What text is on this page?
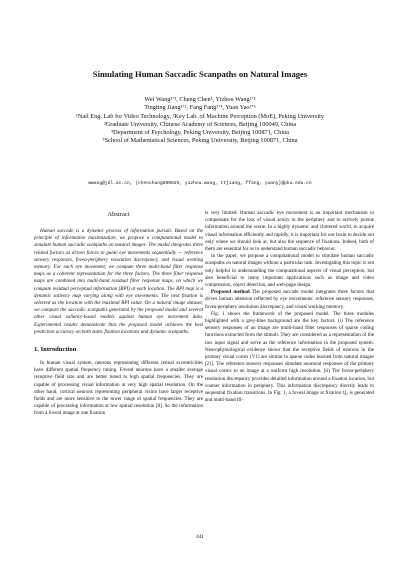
Simulating Human Saccadic Scanpaths on Natural Images
Wei Wang¹ʼ³, Cheng Chen¹, Yizhou Wang¹ʼ²
Tingting Jiang¹ʼ², Fang Fang²ʼ⁴, Yuan Yao²ʼ⁵
¹Natl Eng. Lab for Video Technology, ²Key Lab. of Machine Perception (MoE), Peking University
³Graduate University, Chinese Academy of Sciences, Beijing 100049, China
⁴Department of Psychology, Peking University, Beijing 100871, China
⁵School of Mathematical Sciences, Peking University, Beijing 100871, China
wwang@jdl.ac.cn, {chenchang880829, yizhou.wang, ttjiang, ffang, yuany}@pku.edu.cn
Abstract

Human saccade is a dynamic process of information pursuit. Based on the principle of information maximization, we propose a computational model to simulate human saccadic scanpaths on natural images. The model integrates three related factors as driven forces to guide eye movements sequentially — reference sensory responses, fovea-periphery resolution discrepancy, and visual working memory. For each eye movement, we compute three multi-band filter response maps as a coherent representation for the three factors. The three filter response maps are combined into multi-band residual filter response maps, on which we compute residual perceptual information (RPI) at each location. The RPI map is a dynamic saliency map varying along with eye movements. The next fixation is selected as the location with the maximal RPI value. On a natural image dataset, we compare the saccadic scanpaths generated by the proposed model and several other visual saliency-based models against human eye movement data. Experimental results demonstrate that the proposed model achieves the best prediction accuracy on both static fixation locations and dynamic scanpaths.

1. Introduction

In human visual system, neurons representing different retinal eccentricities have different spatial frequency tuning. Foveal neurons have a smaller average receptive field size and are better tuned to high spatial frequencies. They are capable of processing visual information at very high spatial resolution. On the other hand, cortical neurons representing peripheral vision have larger receptive fields and are more sensitive to the lower range of spatial frequencies. They are capable of processing information at low spatial resolution [8]. So the information from a foveal image at one fixation

is very limited. Human saccadic eye movement is an important mechanism to compensate for the loss of visual acuity in the periphery and to actively pursue information around the scene. In a highly dynamic and cluttered world, to acquire visual information efficiently and rapidly, it is important for our brain to decide not only where we should look at, but also the sequence of fixations. Indeed, both of them are essential for us to understand human saccadic behavior.

In the paper, we propose a computational model to simulate human saccadic scanpaths on natural images without a particular task. Investigating this topic is not only helpful in understanding the computational aspects of visual perception, but also beneficial to many important applications such as image and video compression, object detection, and web-page design.

Proposed method The proposed saccade model integrates three factors that drives human attention reflected by eye movements: reference sensory responses, fovea-periphery resolution discrepancy, and visual working memory.

Fig. 1 shows the framework of the proposed model. The three modules highlighted with a grey-blue background are the key factors. (i) The reference sensory responses of an image are multi-band filter responses of sparse coding functions extracted from the stimuli. They are considered as a representation of the raw input signal and serve as the reference information in the proposed system. Neurophysiological evidence shows that the receptive fields of neurons in the primary visual cortex (V1) are similar to sparse codes learned from natural images [21]. The reference sensory responses simulate neuronal responses of the primary visual cortex to an image at a uniform high resolution. (ii) The fovea-periphery resolution discrepancy provides detailed information around a fixation location, but coarser information in periphery. This information discrepancy directly leads to sequential fixation transitions. In Fig. 1, a foveal image at fixation Q₁ is generated and multi-band fil-

441
